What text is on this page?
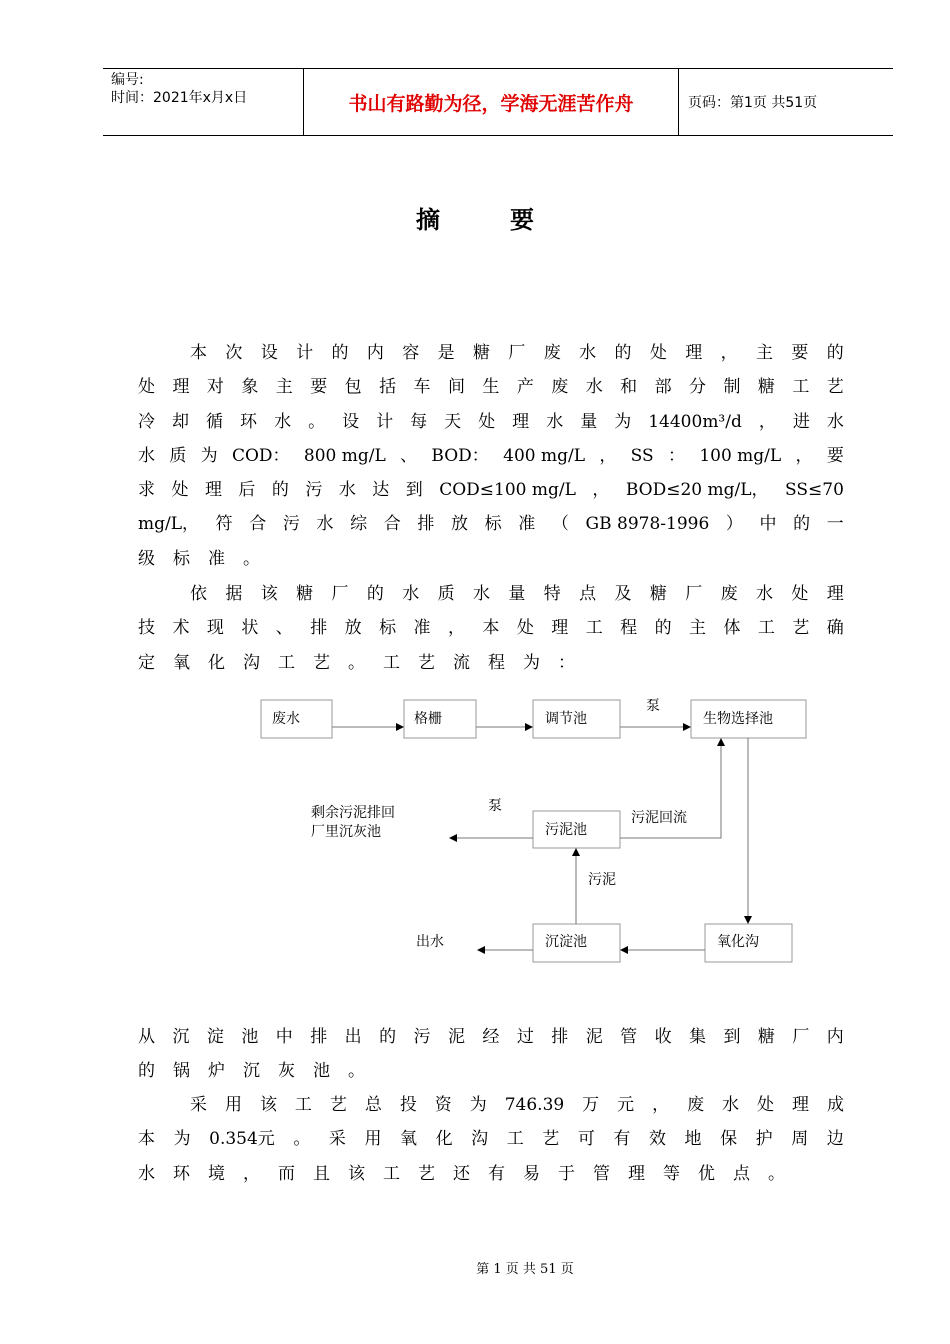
编号:
时间：2021年x月x日	书山有路勤为径，学海无涯苦作舟	页码：第1页 共51页
摘要
本 次 设 计 的 内 容 是 糖 厂 废 水 的 处 理 ， 主 要 的
处 理 对 象 主 要 包 括 车 间 生 产 废 水 和 部 分 制 糖 工 艺
冷 却 循 环 水 。 设 计 每 天 处 理 水 量 为 14400m³/d ， 进 水
水 质 为 COD： 800 mg/L 、 BOD： 400 mg/L ， SS ： 100 mg/L ， 要
求 处 理 后 的 污 水 达 到 COD≤100 mg/L ， BOD≤20 mg/L， SS≤70
mg/L， 符 合 污 水 综 合 排 放 标 准 （ GB 8978-1996 ） 中 的 一
级 标 准 。
依 据 该 糖 厂 的 水 质 水 量 特 点 及 糖 厂 废 水 处 理
技 术 现 状 、 排 放 标 准 ， 本 处 理 工 程 的 主 体 工 艺 确
定 氧 化 沟 工 艺 。 工 艺 流 程 为 ：
废水	格栅	调节池
泵
生物选择池
剩余污泥排回
厂里沉灰池
泵
污泥池
污泥回流
污泥
出水	沉淀池	氧化沟
从 沉 淀 池 中 排 出 的 污 泥 经 过 排 泥 管 收 集 到 糖 厂 内
的 锅 炉 沉 灰 池 。
采 用 该 工 艺 总 投 资 为 746.39 万 元 ， 废 水 处 理 成
本 为 0.354元 。 采 用 氧 化 沟 工 艺 可 有 效 地 保 护 周 边
水 环 境 ， 而 且 该 工 艺 还 有 易 于 管 理 等 优 点 。
第 1 页 共 51 页
